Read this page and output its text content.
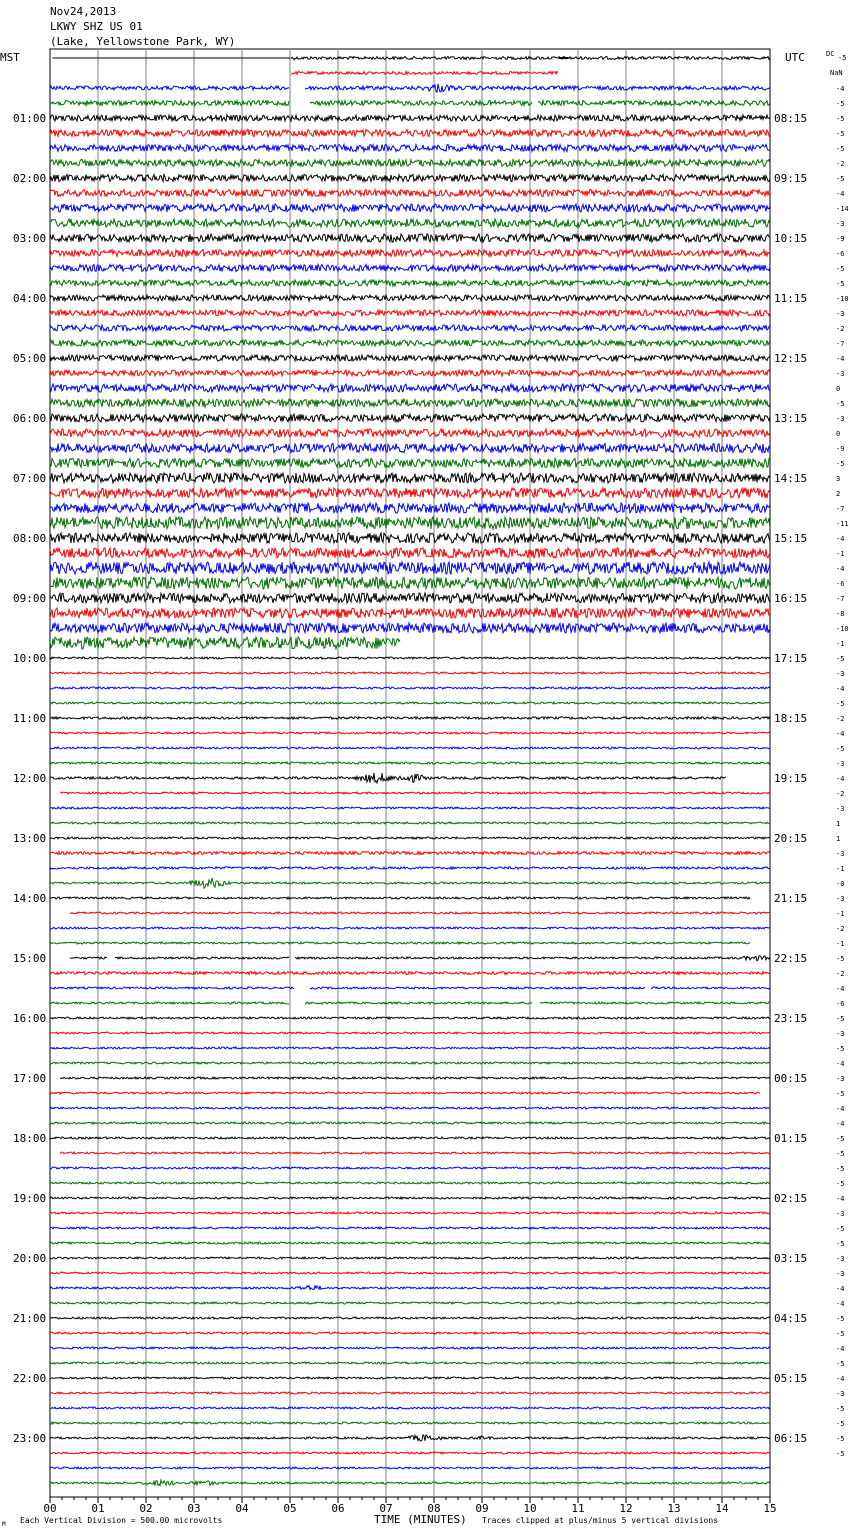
Nov24,2013
LKWY SHZ US 01
(Lake, Yellowstone Park, WY)
00	01	02	03	04	05	06	07	08	09	10	11	12	13	14	15
01:00
02:00
03:00
04:00
05:00
06:00
07:00
08:00
09:00
10:00
11:00
12:00
13:00
14:00
15:00
16:00
17:00
18:00
19:00
20:00
21:00
22:00
23:00
08:15
09:15
10:15
11:15
12:15
13:15
14:15
15:15
16:15
17:15
18:15
19:15
20:15
21:15
22:15
23:15
00:15
01:15
02:15
03:15
04:15
05:15
06:15
-4
-5
-5
-5
-5
-2
-5
-4
-14
-3
-9
-6
-5
-5
-10
-3
-2
-7
-4
-3
0
-5
-3
0
-9
-5
3
2
-7
-11
-4
-1
-4
-6
-7
-8
-10
-1
-5
-3
-4
-5
-2
-4
-5
-3
-4
-2
-3
1
1
-3
-1
-0
-3
-1
-2
-1
-5
-2
-4
-6
-5
-3
-5
-4
-3
-5
-4
-4
-5
-5
-5
-5
-4
-3
-5
-5
-3
-3
-4
-4
-5
-5
-4
-5
-4
-3
-5
-5
-5
-5
MST	UTC	DC -5
NaN
TIME (MINUTES)
Each Vertical Division = 500.00 microvolts	Traces clipped at plus/minus 5 vertical divisions
M
